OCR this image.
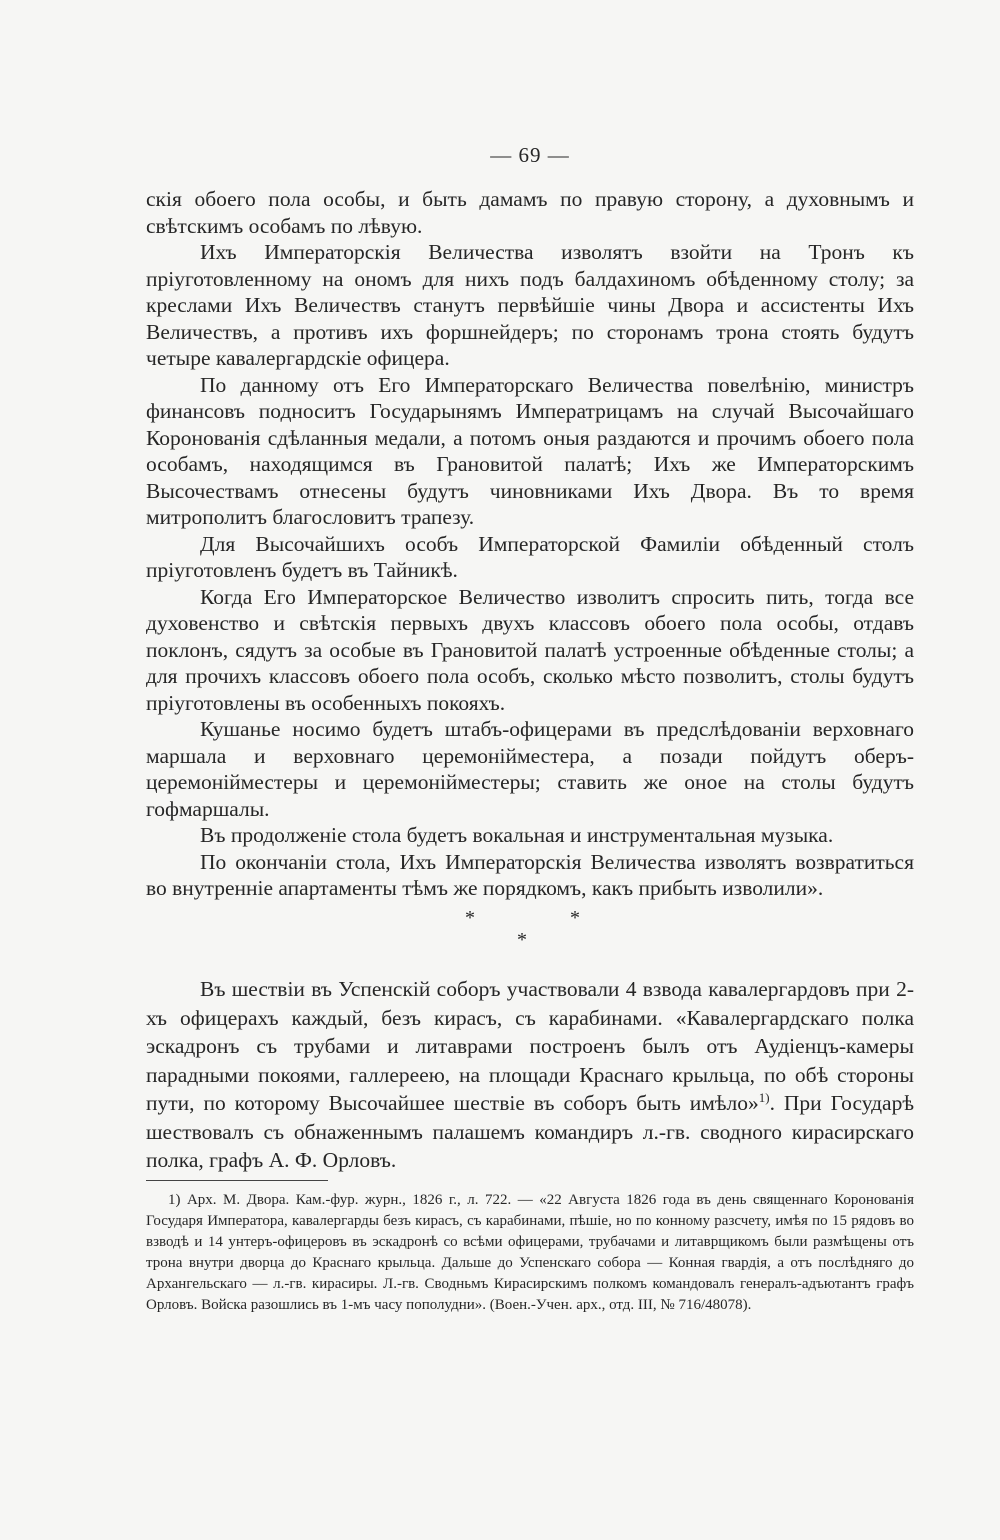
— 69 —

скія обоего пола особы, и быть дамамъ по правую сторону, а духовнымъ и свѣтскимъ особамъ по лѣвую.

Ихъ Императорскія Величества изволятъ взойти на Тронъ къ пріуготовленному на ономъ для нихъ подъ балдахиномъ обѣденному столу; за креслами Ихъ Величествъ станутъ первѣйшіе чины Двора и ассистенты Ихъ Величествъ, а противъ ихъ форшнейдеръ; по сторонамъ трона стоять будутъ четыре кавалергардскіе офицера.

По данному отъ Его Императорскаго Величества повелѣнію, министръ финансовъ подноситъ Государынямъ Императрицамъ на случай Высочайшаго Коронованія сдѣланныя медали, а потомъ оныя раздаются и прочимъ обоего пола особамъ, находящимся въ Грановитой палатѣ; Ихъ же Императорскимъ Высочествамъ отнесены будутъ чиновниками Ихъ Двора. Въ то время митрополитъ благословитъ трапезу.

Для Высочайшихъ особъ Императорской Фамиліи обѣденный столъ пріуготовленъ будетъ въ Тайникѣ.

Когда Его Императорское Величество изволитъ спросить пить, тогда все духовенство и свѣтскія первыхъ двухъ классовъ обоего пола особы, отдавъ поклонъ, сядутъ за особые въ Грановитой палатѣ устроенные обѣденные столы; а для прочихъ классовъ обоего пола особъ, сколько мѣсто позволитъ, столы будутъ пріуготовлены въ особенныхъ покояхъ.

Кушанье носимо будетъ штабъ-офицерами въ предслѣдованіи верховнаго маршала и верховнаго церемонійместера, а позади пойдутъ оберъ-церемонійместеры и церемонійместеры; ставить же оное на столы будутъ гофмаршалы.

Въ продолженіе стола будетъ вокальная и инструментальная музыка.

По окончаніи стола, Ихъ Императорскія Величества изволятъ возвратиться во внутренніе апартаменты тѣмъ же порядкомъ, какъ прибыть изволили».

*	*
*

Въ шествіи въ Успенскій соборъ участвовали 4 взвода кавалергардовъ при 2-хъ офицерахъ каждый, безъ кирасъ, съ карабинами. «Кавалергардскаго полка эскадронъ съ трубами и литаврами построенъ былъ отъ Аудіенцъ-камеры парадными покоями, галлереею, на площади Краснаго крыльца, по обѣ стороны пути, по которому Высочайшее шествіе въ соборъ быть имѣло»$^{1)}$. При Государѣ шествовалъ съ обнаженнымъ палашемъ командиръ л.-гв. сводного кирасирскаго полка, графъ А. Ф. Орловъ.

1) Арх. М. Двора. Кам.-фур. журн., 1826 г., л. 722. — «22 Августа 1826 года въ день священнаго Коронованія Государя Императора, кавалергарды безъ кирасъ, съ карабинами, пѣшіе, но по конному разсчету, имѣя по 15 рядовъ во взводѣ и 14 унтеръ-офицеровъ въ эскадронѣ со всѣми офицерами, трубачами и литаврщикомъ были размѣщены отъ трона внутри дворца до Краснаго крыльца. Дальше до Успенскаго собора — Конная гвардія, а отъ послѣдняго до Архангельскаго — л.-гв. кирасиры. Л.-гв. Сводньмъ Кирасирскимъ полкомъ командовалъ генералъ-адъютантъ графъ Орловъ. Войска разошлись въ 1-мъ часу пополудни». (Воен.-Учен. арх., отд. III, № 716/48078).
